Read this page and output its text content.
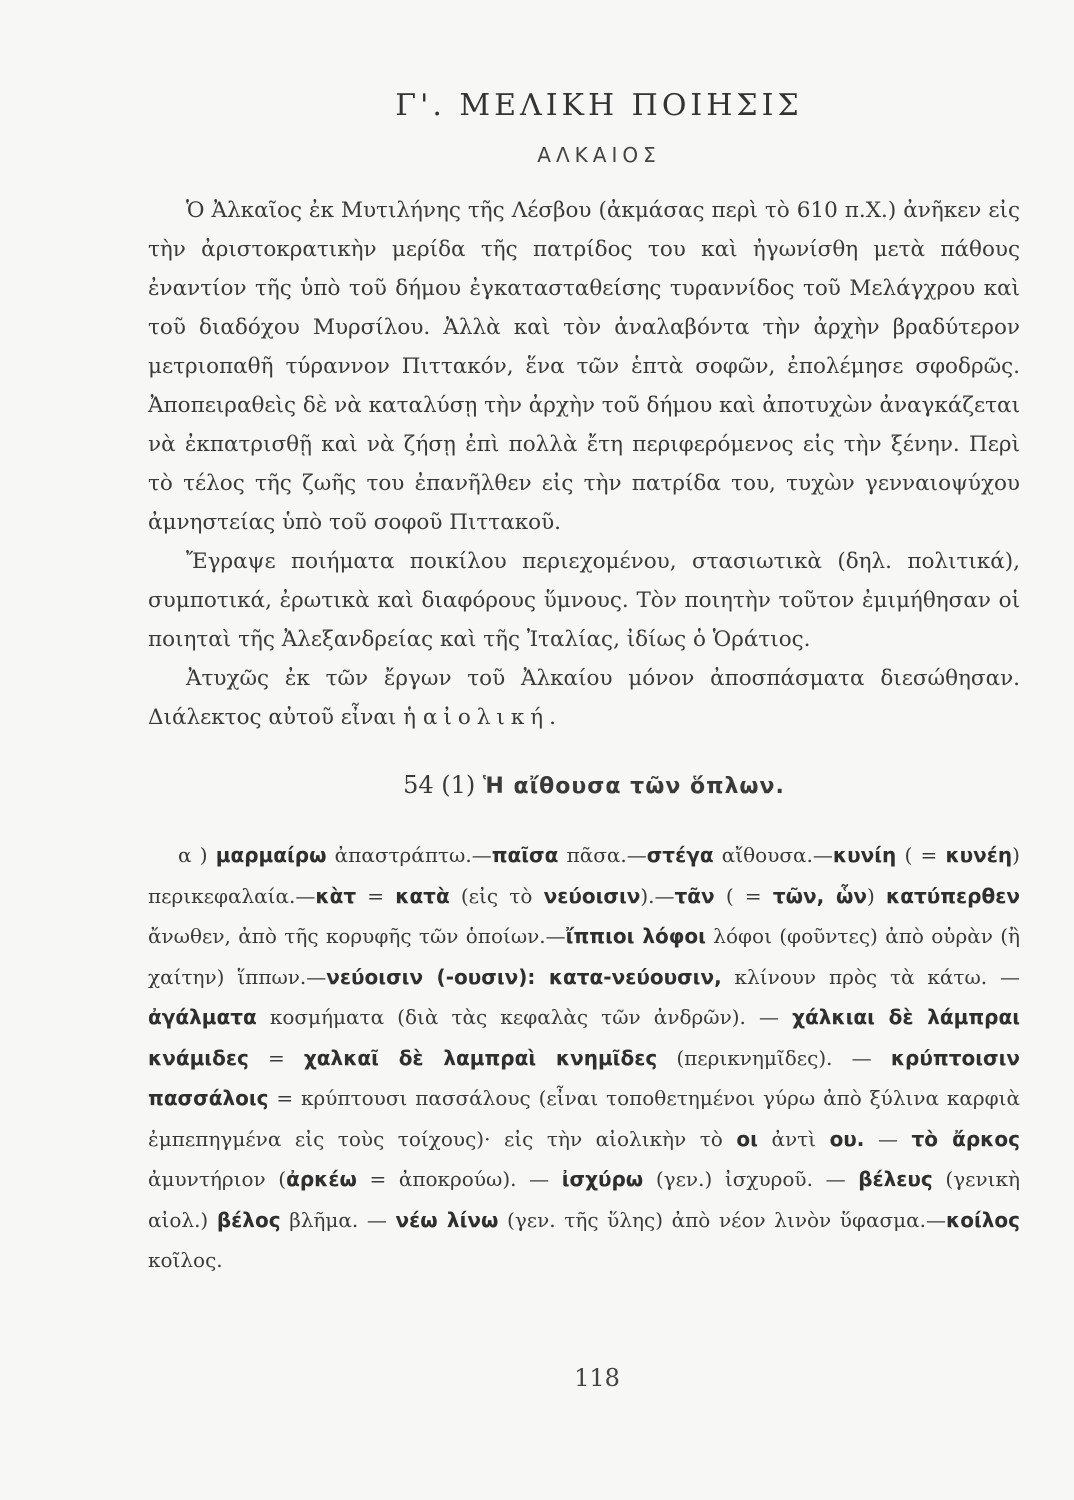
Γ'. ΜΕΛΙΚΗ ΠΟΙΗΣΙΣ
ΑΛΚΑΙΟΣ

Ὁ Ἀλκαῖος ἐκ Μυτιλήνης τῆς Λέσβου (ἀκμάσας περὶ τὸ 610 π.Χ.) ἀνῆκεν εἰς τὴν ἀριστοκρατικὴν μερίδα τῆς πατρίδος του καὶ ἠγωνίσθη μετὰ πάθους ἐναντίον τῆς ὑπὸ τοῦ δήμου ἐγκατασταθείσης τυραννίδος τοῦ Μελάγχρου καὶ τοῦ διαδόχου Μυρσίλου. Ἀλλὰ καὶ τὸν ἀναλαβόντα τὴν ἀρχὴν βραδύτερον μετριοπαθῆ τύραννον Πιττακόν, ἕνα τῶν ἑπτὰ σοφῶν, ἐπολέμησε σφοδρῶς. Ἀποπειραθεὶς δὲ νὰ καταλύσῃ τὴν ἀρχὴν τοῦ δήμου καὶ ἀποτυχὼν ἀναγκάζεται νὰ ἐκπατρισθῇ καὶ νὰ ζήσῃ ἐπὶ πολλὰ ἔτη περιφερόμενος εἰς τὴν ξένην. Περὶ τὸ τέλος τῆς ζωῆς του ἐπανῆλθεν εἰς τὴν πατρίδα του, τυχὼν γενναιοψύχου ἀμνηστείας ὑπὸ τοῦ σοφοῦ Πιττακοῦ.

Ἔγραψε ποιήματα ποικίλου περιεχομένου, στασιωτικὰ (δηλ. πολιτικά), συμποτικά, ἐρωτικὰ καὶ διαφόρους ὕμνους. Τὸν ποιητὴν τοῦτον ἐμιμήθησαν οἱ ποιηταὶ τῆς Ἀλεξανδρείας καὶ τῆς Ἰταλίας, ἰδίως ὁ Ὁράτιος.

Ἀτυχῶς ἐκ τῶν ἔργων τοῦ Ἀλκαίου μόνον ἀποσπάσματα διεσώθησαν. Διάλεκτος αὐτοῦ εἶναι ἡ αἰολική.

54 (1) Ἡ αἴθουσα τῶν ὅπλων.

α ) μαρμαίρω ἀπαστράπτω.—παῖσα πᾶσα.—στέγα αἴθουσα.—κυνίη ( = κυνέη) περικεφαλαία.—κὰτ = κατὰ (εἰς τὸ νεύοισιν).—τᾶν ( = τῶν, ὧν) κατύπερθεν ἄνωθεν, ἀπὸ τῆς κορυφῆς τῶν ὁποίων.—ἴππιοι λόφοι λόφοι (φοῦντες) ἀπὸ οὐρὰν (ἢ χαίτην) ἵππων.—νεύοισιν (-ουσιν): κατα-νεύουσιν, κλίνουν πρὸς τὰ κάτω. — ἀγάλματα κοσμήματα (διὰ τὰς κεφαλὰς τῶν ἀνδρῶν). — χάλκιαι δὲ λάμπραι κνάμιδες = χαλκαῖ δὲ λαμπραὶ κνημῖδες (περικνημῖδες). — κρύπτοισιν πασσάλοις = κρύπτουσι πασσάλους (εἶναι τοποθετημένοι γύρω ἀπὸ ξύλινα καρφιὰ ἐμπεπηγμένα εἰς τοὺς τοίχους)· εἰς τὴν αἰολικὴν τὸ οι ἀντὶ ου. — τὸ ἄρκος ἀμυντήριον (ἀρκέω = ἀποκρούω). — ἰσχύρω (γεν.) ἰσχυροῦ. — βέλευς (γενικὴ αἰολ.) βέλος βλῆμα. — νέω λίνω (γεν. τῆς ὕλης) ἀπὸ νέον λινὸν ὕφασμα.—κοίλος κοῖλος.

118
